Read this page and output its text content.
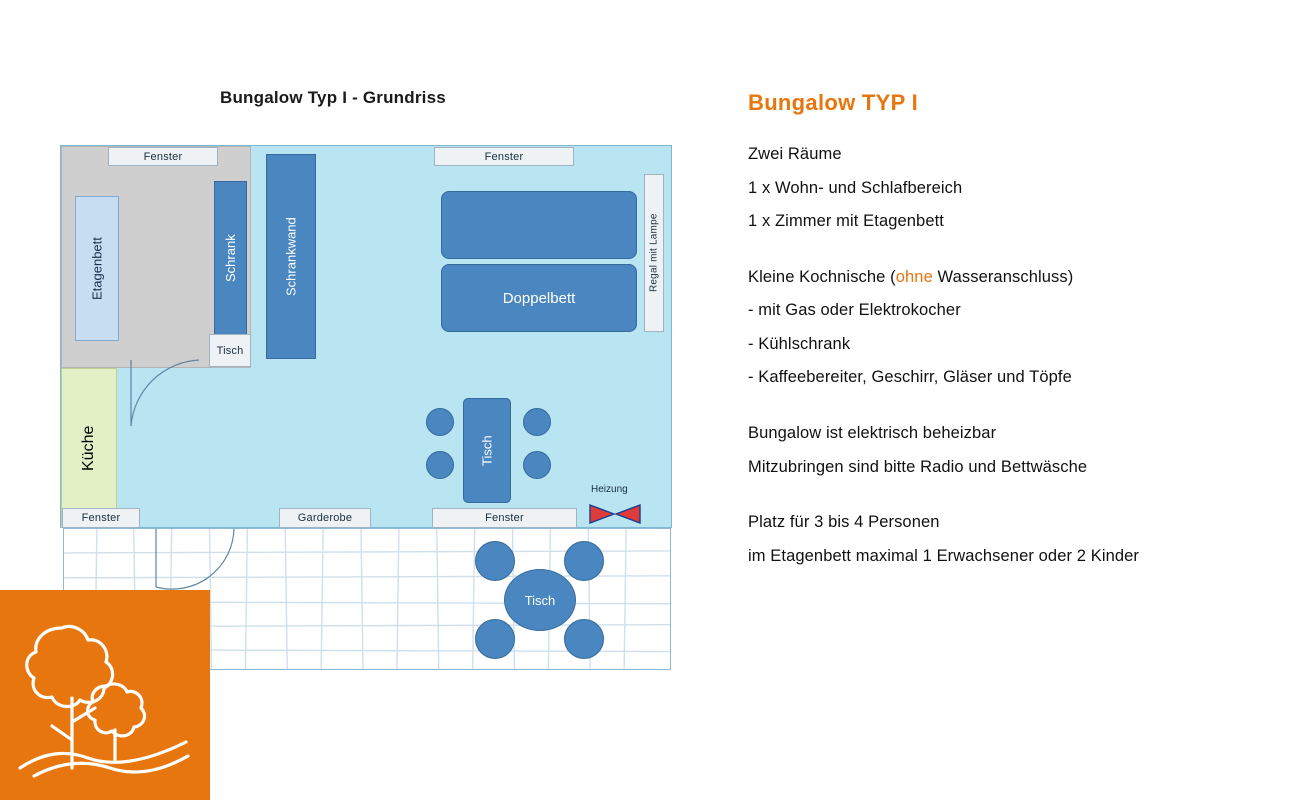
Bungalow Typ I - Grundriss
Küche
Etagenbett	Schrank	Schrankwand
Tisch
Doppelbett
Regal mit Lampe
Tisch
Fenster	Fenster
Fenster	Garderobe	Fenster
Heizung
Tisch
Bungalow TYP I
Zwei Räume
1 x Wohn- und Schlafbereich
1 x Zimmer mit Etagenbett
Kleine Kochnische (ohne Wasseranschluss)
- mit Gas oder Elektrokocher
- Kühlschrank
- Kaffeebereiter, Geschirr, Gläser und Töpfe
Bungalow ist elektrisch beheizbar
Mitzubringen sind bitte Radio und Bettwäsche
Platz für 3 bis 4 Personen
im Etagenbett maximal 1 Erwachsener oder 2 Kinder
